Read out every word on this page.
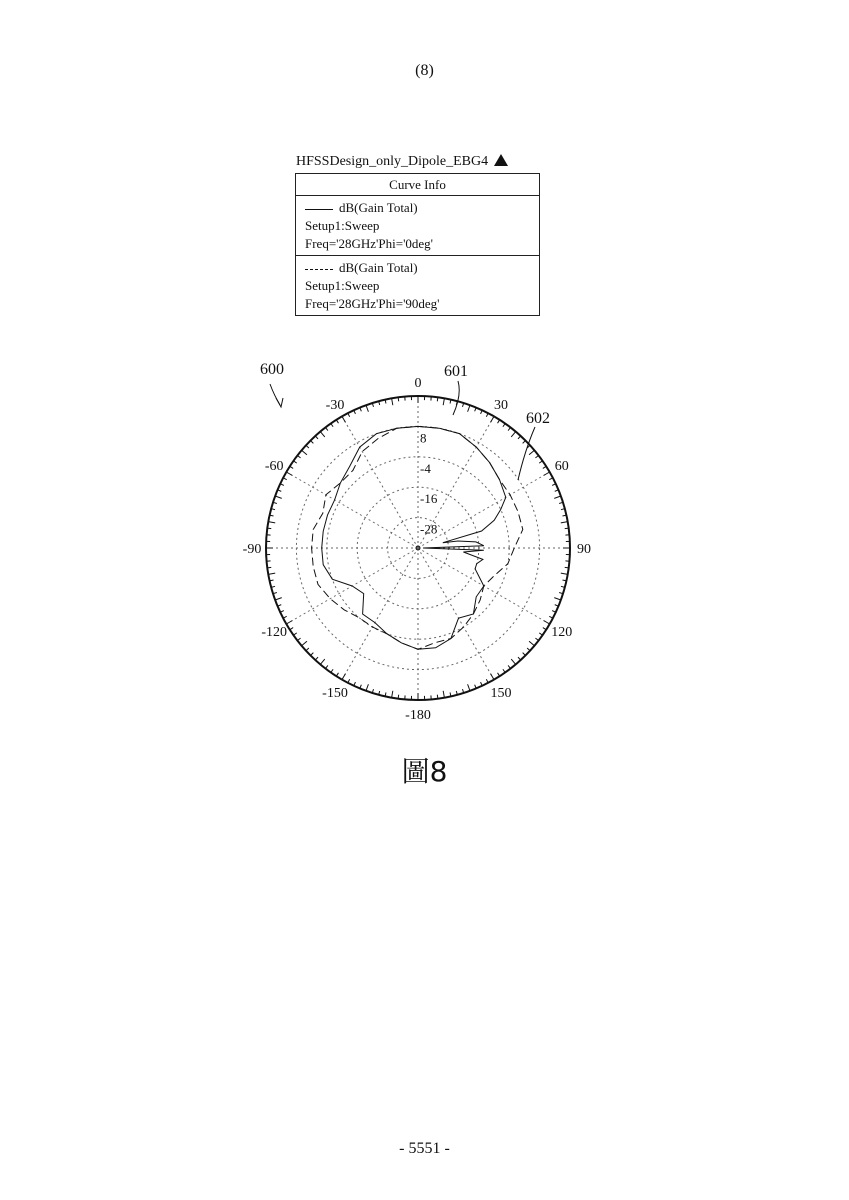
(8)
HFSSDesign_only_Dipole_EBG4
Curve Info
dB(Gain Total)
Setup1:Sweep
Freq='28GHz'Phi='0deg'
dB(Gain Total)
Setup1:Sweep
Freq='28GHz'Phi='90deg'
0
30
60
90
120
150
-180
-150
-120
-90
-60
-30
8
-4
-16
-28
600	601
602
圖8
- 5551 -
